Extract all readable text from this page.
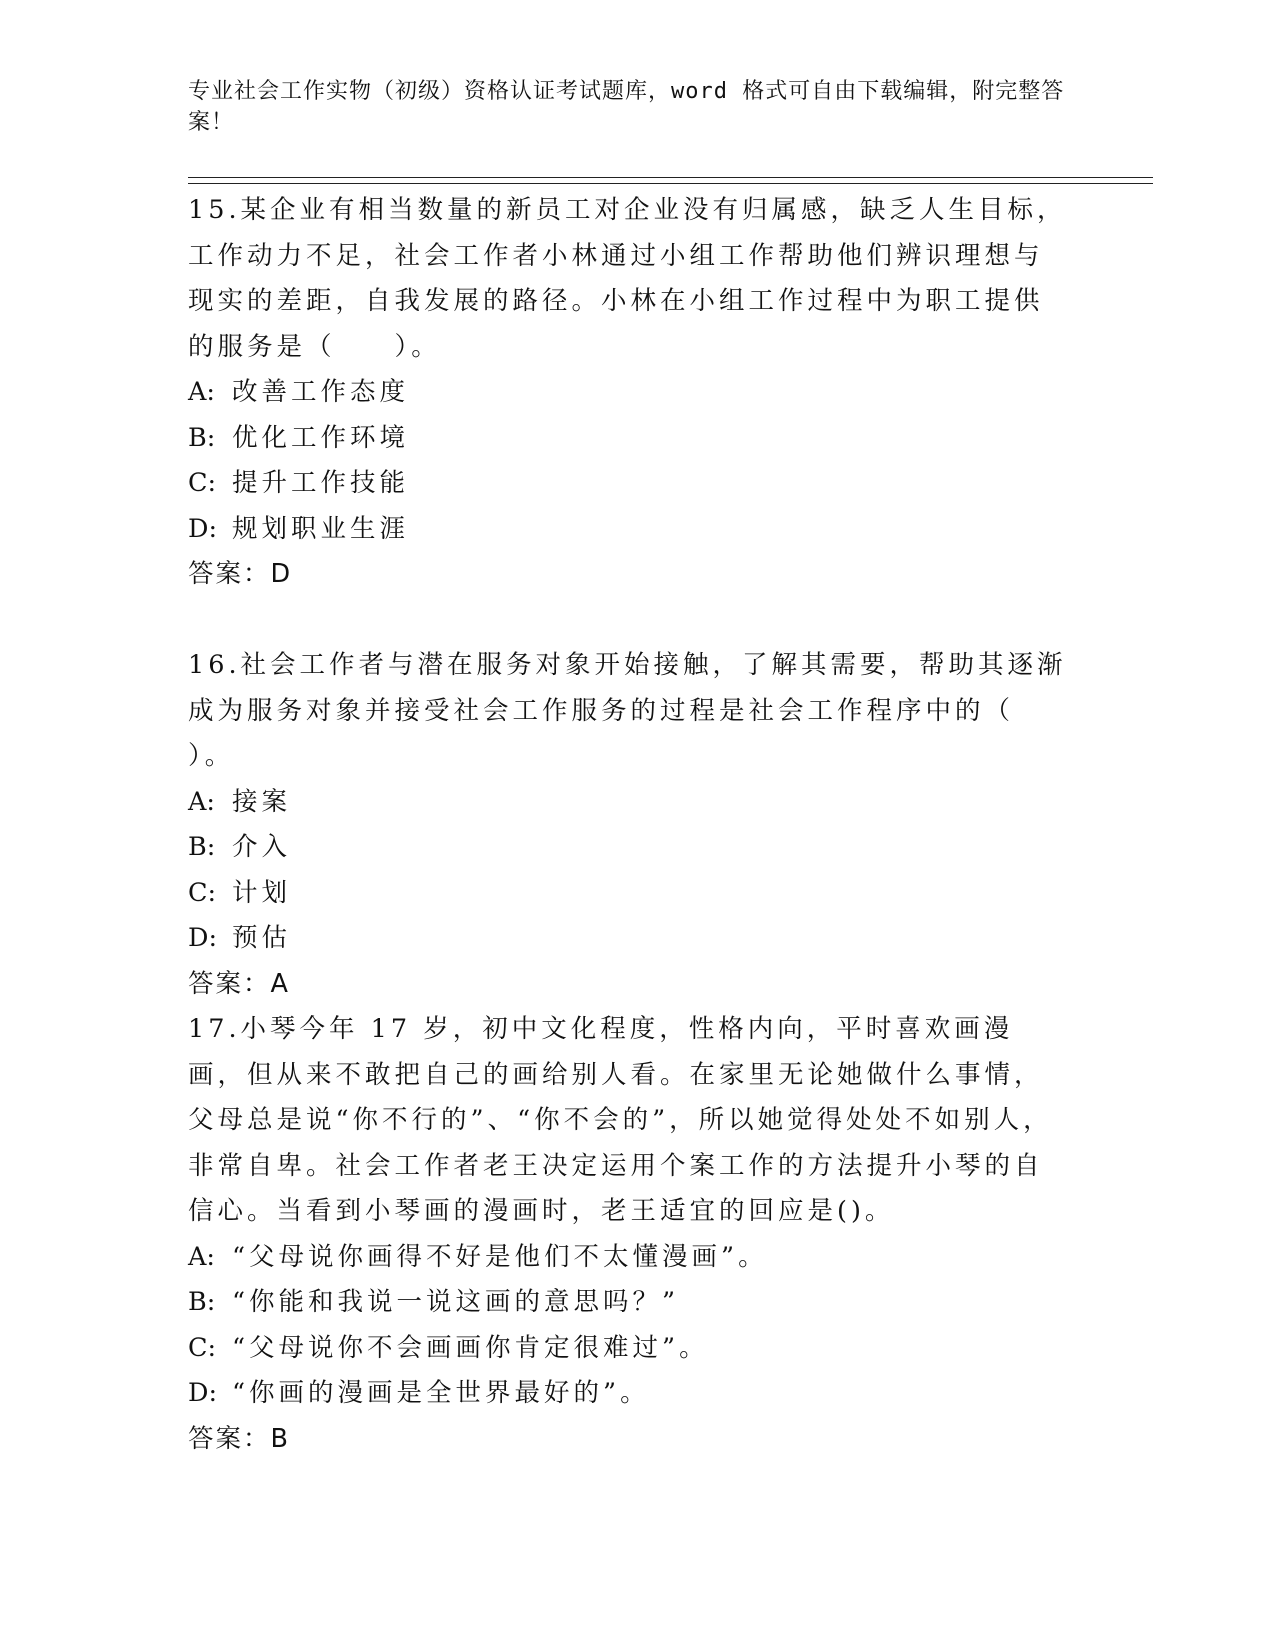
专业社会工作实物（初级）资格认证考试题库，word 格式可自由下载编辑，附完整答案！

15.某企业有相当数量的新员工对企业没有归属感，缺乏人生目标，工作动力不足，社会工作者小林通过小组工作帮助他们辨识理想与现实的差距，自我发展的路径。小林在小组工作过程中为职工提供的服务是（　　）。

A: 改善工作态度

B: 优化工作环境

C: 提升工作技能

D: 规划职业生涯

答案：D

16.社会工作者与潜在服务对象开始接触，了解其需要，帮助其逐渐成为服务对象并接受社会工作服务的过程是社会工作程序中的（ ）。

A: 接案

B: 介入

C: 计划

D: 预估

答案：A

17.小琴今年 17 岁，初中文化程度，性格内向，平时喜欢画漫画，但从来不敢把自己的画给别人看。在家里无论她做什么事情，父母总是说“你不行的”、“你不会的”，所以她觉得处处不如别人，非常自卑。社会工作者老王决定运用个案工作的方法提升小琴的自信心。当看到小琴画的漫画时，老王适宜的回应是()。

A: “父母说你画得不好是他们不太懂漫画”。

B: “你能和我说一说这画的意思吗？”

C: “父母说你不会画画你肯定很难过”。

D: “你画的漫画是全世界最好的”。

答案：B
